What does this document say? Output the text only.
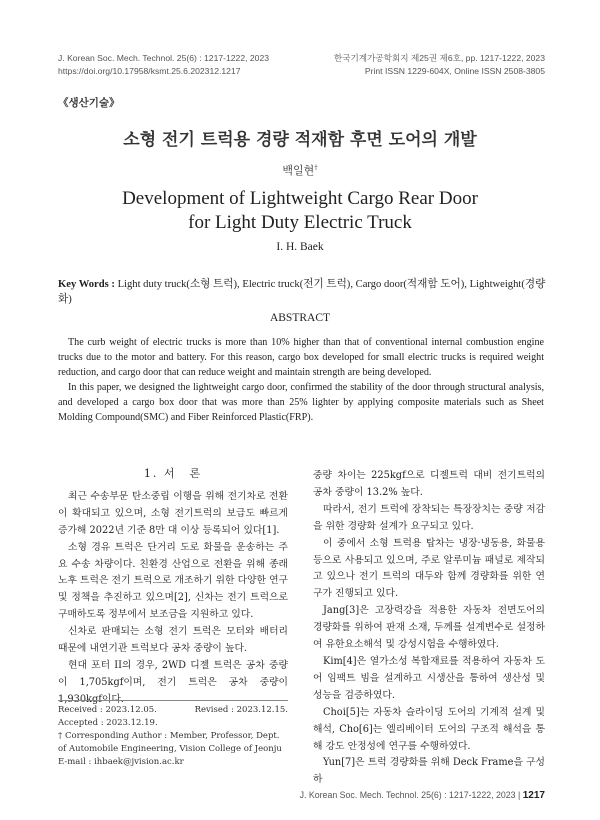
J. Korean Soc. Mech. Technol. 25(6) : 1217-1222, 2023
https://doi.org/10.17958/ksmt.25.6.202312.1217
한국기계가공학회지 제25권 제6호, pp. 1217-1222, 2023
Print ISSN 1229-604X, Online ISSN 2508-3805
《생산기술》
소형 전기 트럭용 경량 적재함 후면 도어의 개발
백일현†
Development of Lightweight Cargo Rear Door
for Light Duty Electric Truck
I. H. Baek
Key Words : Light duty truck(소형 트럭), Electric truck(전기 트럭), Cargo door(적재함 도어), Lightweight(경량화)
ABSTRACT

The curb weight of electric trucks is more than 10% higher than that of conventional internal combustion engine trucks due to the motor and battery. For this reason, cargo box developed for small electric trucks is required weight reduction, and cargo door that can reduce weight and maintain strength are being developed.

In this paper, we designed the lightweight cargo door, confirmed the stability of the door through structural analysis, and developed a cargo box door that was more than 25% lighter by applying composite materials such as Sheet Molding Compound(SMC) and Fiber Reinforced Plastic(FRP).

1. 서　론

최근 수송부문 탄소중립 이행을 위해 전기차로 전환이 확대되고 있으며, 소형 전기트럭의 보급도 빠르게 증가해 2022년 기준 8만 대 이상 등록되어 있다[1].

소형 경유 트럭은 단거리 도로 화물을 운송하는 주요 수송 차량이다. 친환경 산업으로 전환을 위해 종래 노후 트럭은 전기 트럭으로 개조하기 위한 다양한 연구 및 정책을 추진하고 있으며[2], 신차는 전기 트럭으로 구매하도록 정부에서 보조금을 지원하고 있다.

신차로 판매되는 소형 전기 트럭은 모터와 배터리 때문에 내연기관 트럭보다 공차 중량이 높다.

현대 포터 II의 경우, 2WD 디젤 트럭은 공차 중량이 1,705kgf이며, 전기 트럭은 공차 중량이 1,930kgf이다.

Received : 2023.12.05.	Revised : 2023.12.15.
Accepted : 2023.12.19.
† Corresponding Author : Member, Professor, Dept. of Automobile Engineering, Vision College of Jeonju
E-mail : ihbaek@jvision.ac.kr

중량 차이는 225kgf으로 디젤트럭 대비 전기트럭의 공차 중량이 13.2% 높다.

따라서, 전기 트럭에 장착되는 특장장치는 중량 저감을 위한 경량화 설계가 요구되고 있다.

이 중에서 소형 트럭용 탑차는 냉장·냉동용, 화물용 등으로 사용되고 있으며, 주로 알루미늄 패널로 제작되고 있으나 전기 트럭의 대두와 함께 경량화를 위한 연구가 진행되고 있다.

Jang[3]은 고장력강을 적용한 자동차 전면도어의 경량화를 위하여 판재 소재, 두께를 설계변수로 설정하여 유한요소해석 및 강성시험을 수행하였다.

Kim[4]은 열가소성 복합재료를 적용하여 자동차 도어 임팩트 빔을 설계하고 시생산을 통하여 생산성 및 성능을 검증하였다.

Choi[5]는 자동차 슬라이딩 도어의 기계적 설계 및 해석, Cho[6]는 엘리베이터 도어의 구조적 해석을 통해 강도 안정성에 연구를 수행하였다.

Yun[7]은 트럭 경량화를 위해 Deck Frame을 구성하

J. Korean Soc. Mech. Technol. 25(6) : 1217-1222, 2023 | 1217
